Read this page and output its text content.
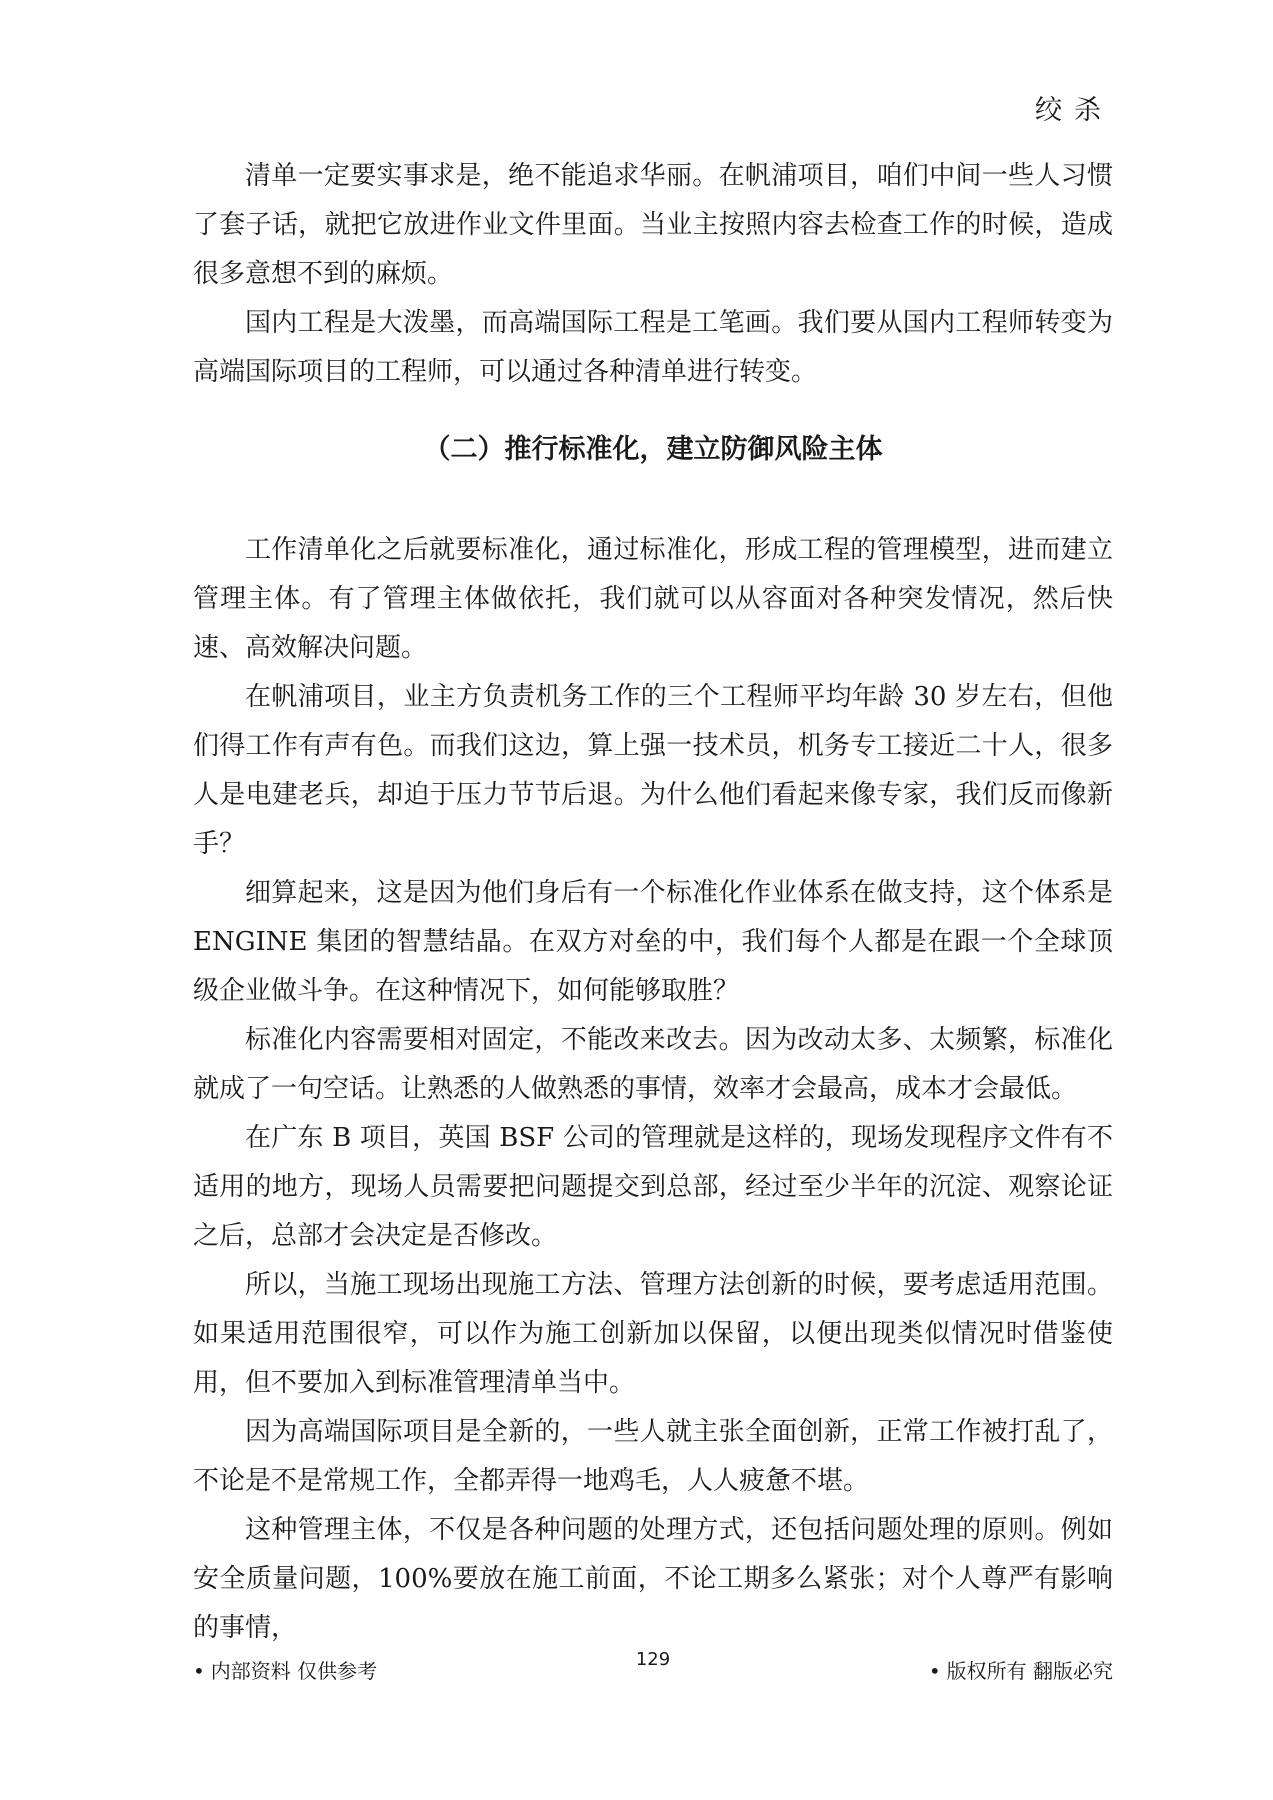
绞杀

清单一定要实事求是，绝不能追求华丽。在帆浦项目，咱们中间一些人习惯了套子话，就把它放进作业文件里面。当业主按照内容去检查工作的时候，造成很多意想不到的麻烦。

国内工程是大泼墨，而高端国际工程是工笔画。我们要从国内工程师转变为高端国际项目的工程师，可以通过各种清单进行转变。

（二）推行标准化，建立防御风险主体

工作清单化之后就要标准化，通过标准化，形成工程的管理模型，进而建立管理主体。有了管理主体做依托，我们就可以从容面对各种突发情况，然后快速、高效解决问题。

在帆浦项目，业主方负责机务工作的三个工程师平均年龄 30 岁左右，但他们得工作有声有色。而我们这边，算上强一技术员，机务专工接近二十人，很多人是电建老兵，却迫于压力节节后退。为什么他们看起来像专家，我们反而像新手？

细算起来，这是因为他们身后有一个标准化作业体系在做支持，这个体系是ENGINE 集团的智慧结晶。在双方对垒的中，我们每个人都是在跟一个全球顶级企业做斗争。在这种情况下，如何能够取胜？

标准化内容需要相对固定，不能改来改去。因为改动太多、太频繁，标准化就成了一句空话。让熟悉的人做熟悉的事情，效率才会最高，成本才会最低。

在广东 B 项目，英国 BSF 公司的管理就是这样的，现场发现程序文件有不适用的地方，现场人员需要把问题提交到总部，经过至少半年的沉淀、观察论证之后，总部才会决定是否修改。

所以，当施工现场出现施工方法、管理方法创新的时候，要考虑适用范围。如果适用范围很窄，可以作为施工创新加以保留，以便出现类似情况时借鉴使用，但不要加入到标准管理清单当中。

因为高端国际项目是全新的，一些人就主张全面创新，正常工作被打乱了，不论是不是常规工作，全都弄得一地鸡毛，人人疲惫不堪。

这种管理主体，不仅是各种问题的处理方式，还包括问题处理的原则。例如安全质量问题，100%要放在施工前面，不论工期多么紧张；对个人尊严有影响的事情，

• 内部资料 仅供参考	129	• 版权所有 翻版必究
